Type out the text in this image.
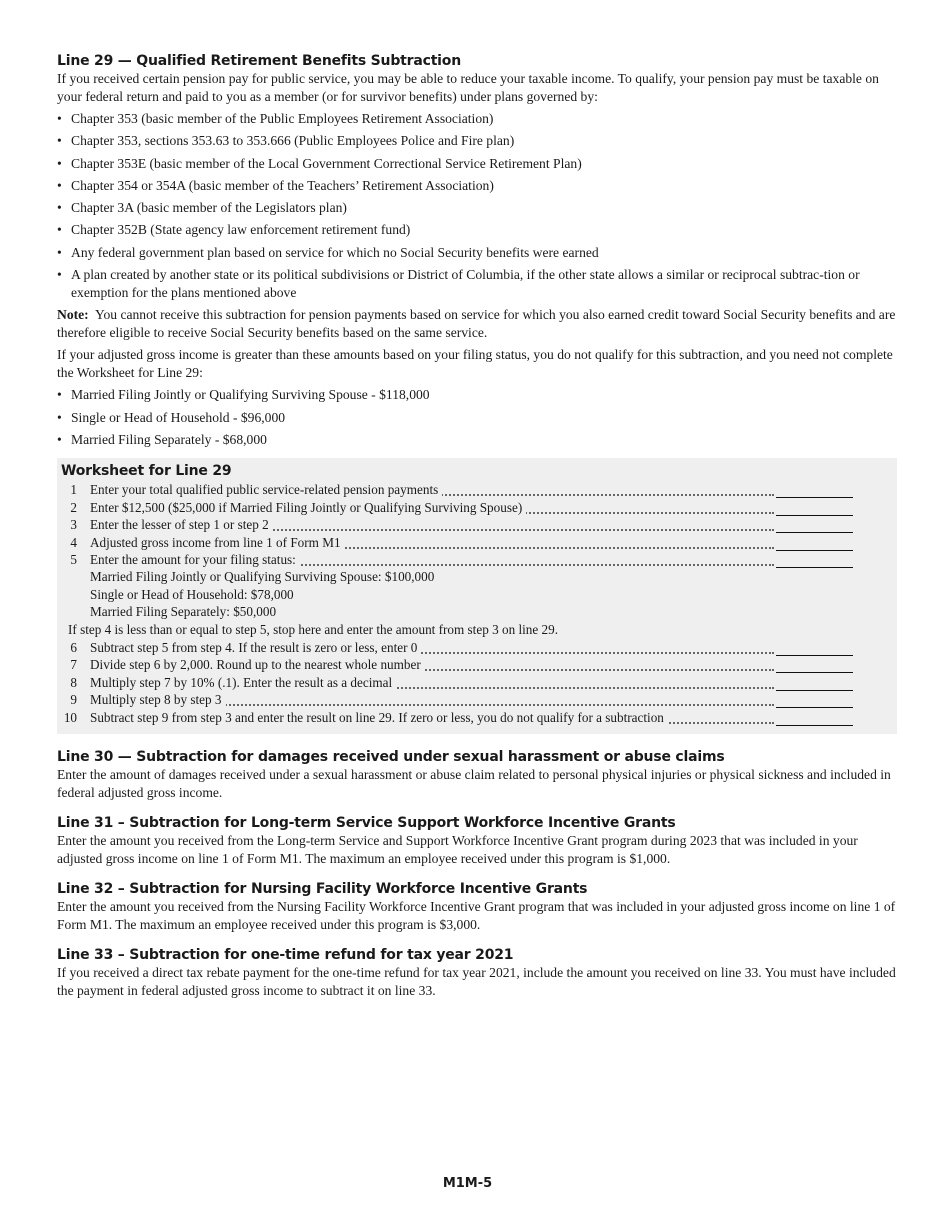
Line 29 — Qualified Retirement Benefits Subtraction

If you received certain pension pay for public service, you may be able to reduce your taxable income. To qualify, your pension pay must be taxable on your federal return and paid to you as a member (or for survivor benefits) under plans governed by:

• Chapter 353 (basic member of the Public Employees Retirement Association)
• Chapter 353, sections 353.63 to 353.666 (Public Employees Police and Fire plan)
• Chapter 353E (basic member of the Local Government Correctional Service Retirement Plan)
• Chapter 354 or 354A (basic member of the Teachers’ Retirement Association)
• Chapter 3A (basic member of the Legislators plan)
• Chapter 352B (State agency law enforcement retirement fund)
• Any federal government plan based on service for which no Social Security benefits were earned
• A plan created by another state or its political subdivisions or District of Columbia, if the other state allows a similar or reciprocal subtrac-tion or exemption for the plans mentioned above

Note: You cannot receive this subtraction for pension payments based on service for which you also earned credit toward Social Security benefits and are therefore eligible to receive Social Security benefits based on the same service.

If your adjusted gross income is greater than these amounts based on your filing status, you do not qualify for this subtraction, and you need not complete the Worksheet for Line 29:

• Married Filing Jointly or Qualifying Surviving Spouse - $118,000
• Single or Head of Household - $96,000
• Married Filing Separately - $68,000
Worksheet for Line 29
1 Enter your total qualified public service-related pension payments
2 Enter $12,500 ($25,000 if Married Filing Jointly or Qualifying Surviving Spouse)
3 Enter the lesser of step 1 or step 2
4 Adjusted gross income from line 1 of Form M1
5 Enter the amount for your filing status:
Married Filing Jointly or Qualifying Surviving Spouse: $100,000
Single or Head of Household: $78,000
Married Filing Separately: $50,000
If step 4 is less than or equal to step 5, stop here and enter the amount from step 3 on line 29.
6 Subtract step 5 from step 4. If the result is zero or less, enter 0
7 Divide step 6 by 2,000. Round up to the nearest whole number
8 Multiply step 7 by 10% (.1). Enter the result as a decimal
9 Multiply step 8 by step 3
10 Subtract step 9 from step 3 and enter the result on line 29. If zero or less, you do not qualify for a subtraction
Line 30 — Subtraction for damages received under sexual harassment or abuse claims

Enter the amount of damages received under a sexual harassment or abuse claim related to personal physical injuries or physical sickness and included in federal adjusted gross income.

Line 31 – Subtraction for Long-term Service Support Workforce Incentive Grants

Enter the amount you received from the Long-term Service and Support Workforce Incentive Grant program during 2023 that was included in your adjusted gross income on line 1 of Form M1. The maximum an employee received under this program is $1,000.

Line 32 – Subtraction for Nursing Facility Workforce Incentive Grants

Enter the amount you received from the Nursing Facility Workforce Incentive Grant program that was included in your adjusted gross income on line 1 of Form M1. The maximum an employee received under this program is $3,000.

Line 33 – Subtraction for one-time refund for tax year 2021

If you received a direct tax rebate payment for the one-time refund for tax year 2021, include the amount you received on line 33. You must have included the payment in federal adjusted gross income to subtract it on line 33.

M1M-5
